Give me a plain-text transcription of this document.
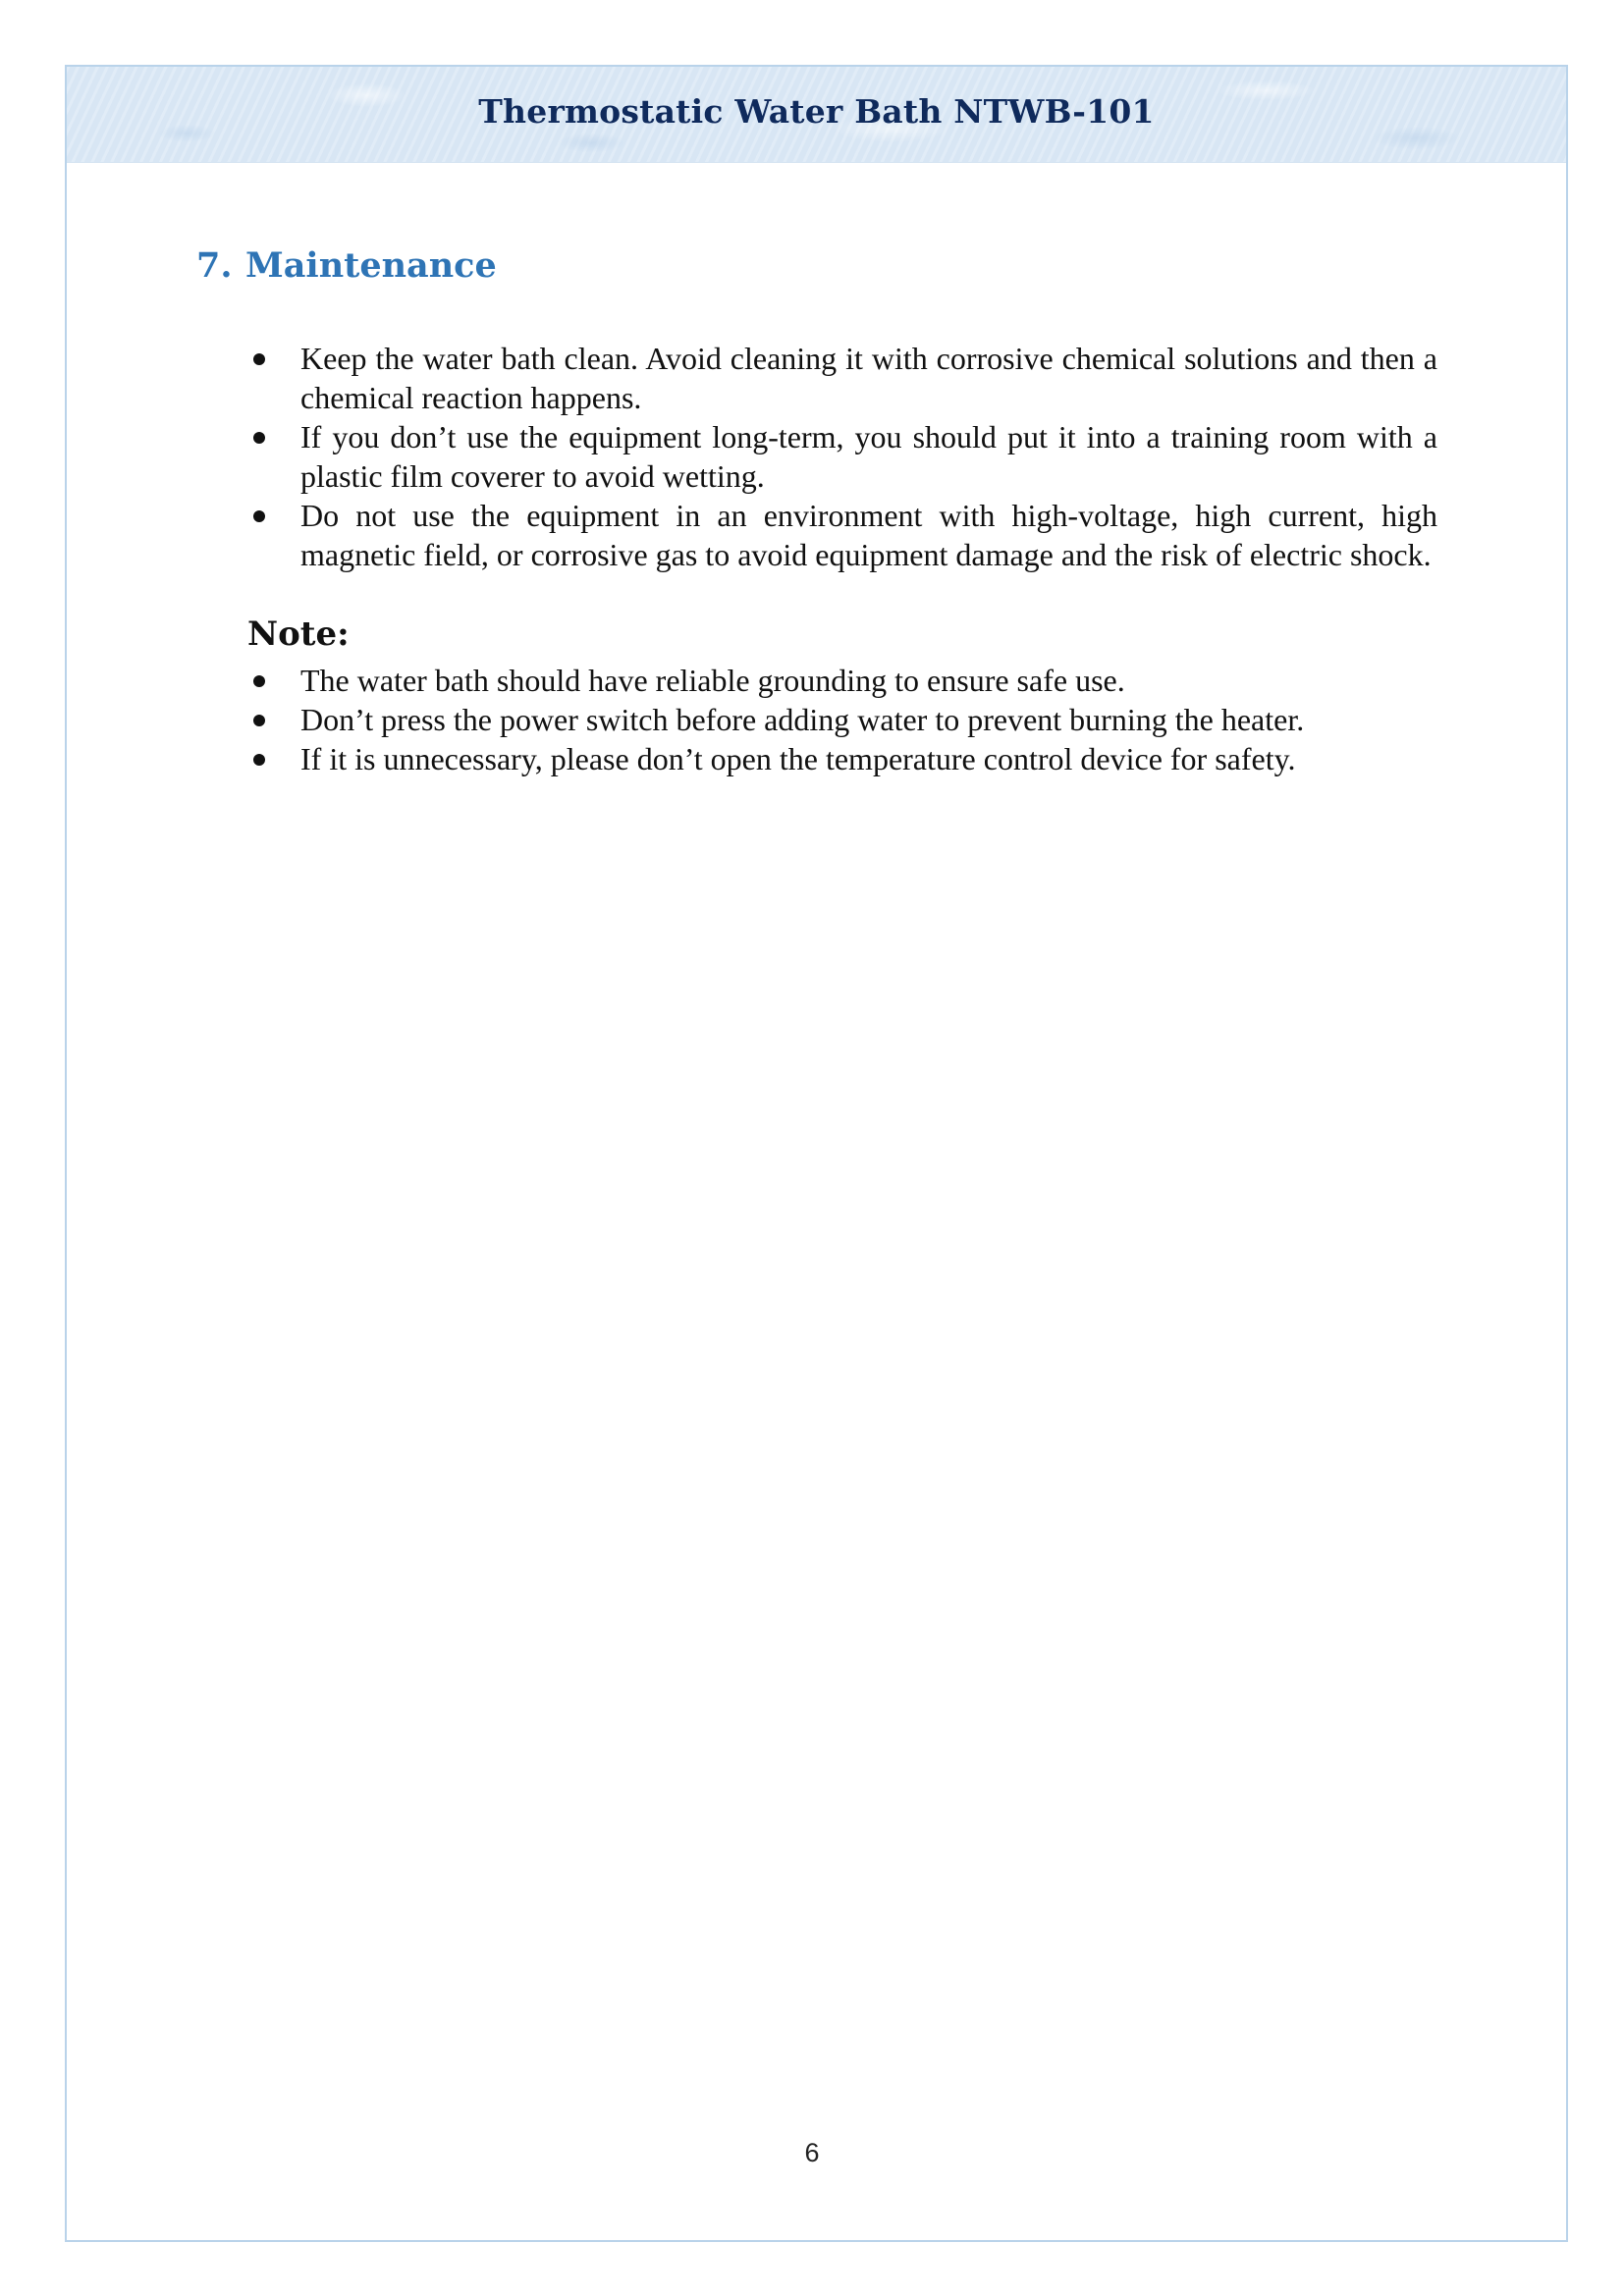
Thermostatic Water Bath NTWB-101
7. Maintenance
Keep the water bath clean. Avoid cleaning it with corrosive chemical solutions and then a chemical reaction happens.
If you don’t use the equipment long-term, you should put it into a training room with a plastic film coverer to avoid wetting.
Do not use the equipment in an environment with high-voltage, high current, high magnetic field, or corrosive gas to avoid equipment damage and the risk of electric shock.
Note:
The water bath should have reliable grounding to ensure safe use.
Don’t press the power switch before adding water to prevent burning the heater.
If it is unnecessary, please don’t open the temperature control device for safety.
6
